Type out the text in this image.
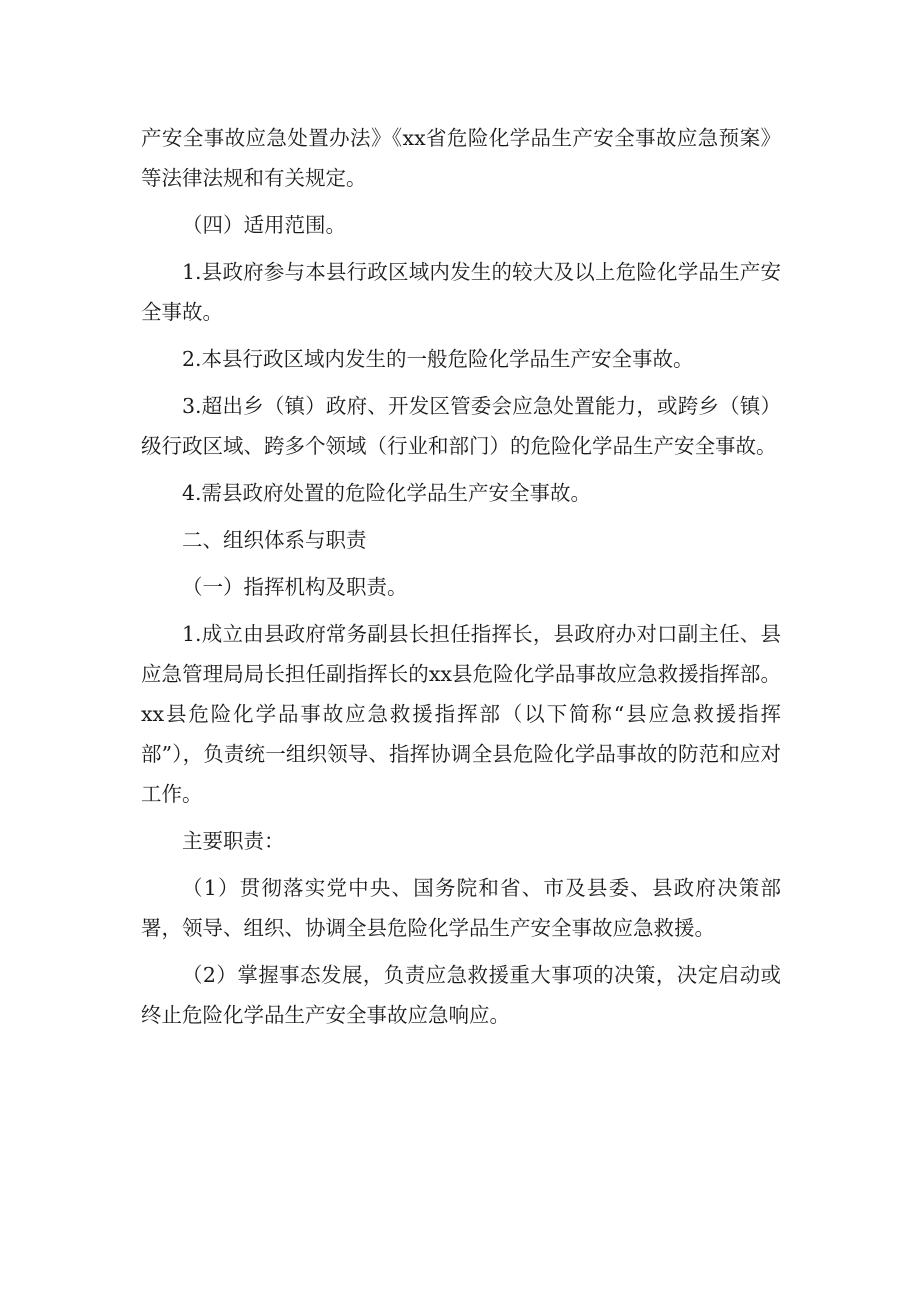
产安全事故应急处置办法》《xx省危险化学品生产安全事故应急预案》等法律法规和有关规定。

（四）适用范围。

1.县政府参与本县行政区域内发生的较大及以上危险化学品生产安全事故。

2.本县行政区域内发生的一般危险化学品生产安全事故。

3.超出乡（镇）政府、开发区管委会应急处置能力，或跨乡（镇）级行政区域、跨多个领域（行业和部门）的危险化学品生产安全事故。

4.需县政府处置的危险化学品生产安全事故。

二、组织体系与职责

（一）指挥机构及职责。

1.成立由县政府常务副县长担任指挥长，县政府办对口副主任、县应急管理局局长担任副指挥长的xx县危险化学品事故应急救援指挥部。xx县危险化学品事故应急救援指挥部（以下简称“县应急救援指挥部”），负责统一组织领导、指挥协调全县危险化学品事故的防范和应对工作。

主要职责：

（1）贯彻落实党中央、国务院和省、市及县委、县政府决策部署，领导、组织、协调全县危险化学品生产安全事故应急救援。

（2）掌握事态发展，负责应急救援重大事项的决策，决定启动或终止危险化学品生产安全事故应急响应。
